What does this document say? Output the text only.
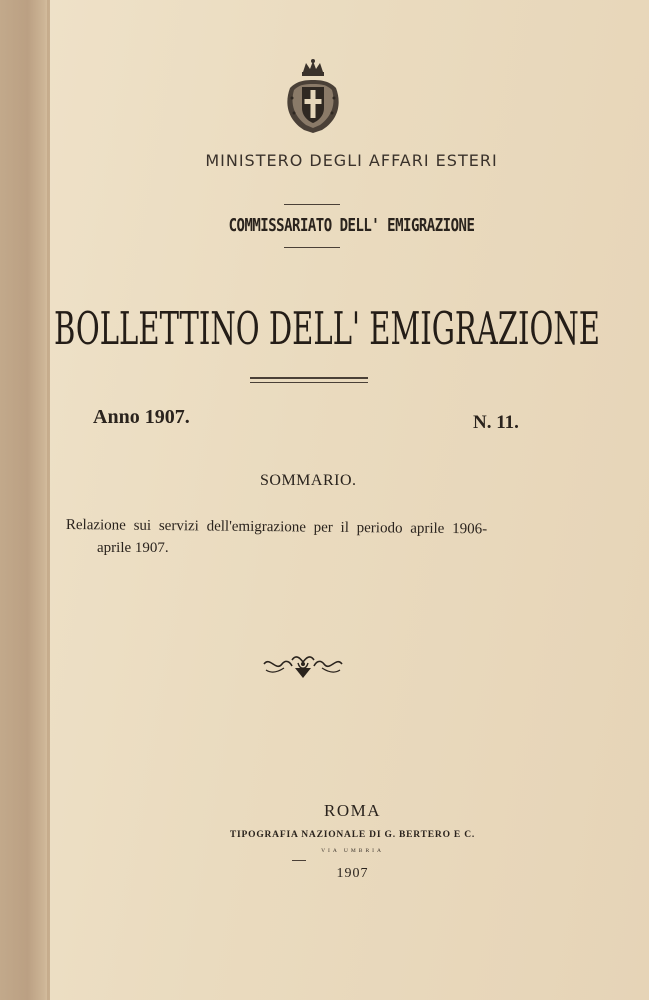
MINISTERO DEGLI AFFARI ESTERI
COMMISSARIATO DELL' EMIGRAZIONE
BOLLETTINO DELL' EMIGRAZIONE
Anno 1907.	N. 11.
SOMMARIO.
Relazione sui servizi dell'emigrazione per il periodo aprile 1906-
aprile 1907.
ROMA
TIPOGRAFIA NAZIONALE DI G. BERTERO E C.
VIA UMBRIA
1907
